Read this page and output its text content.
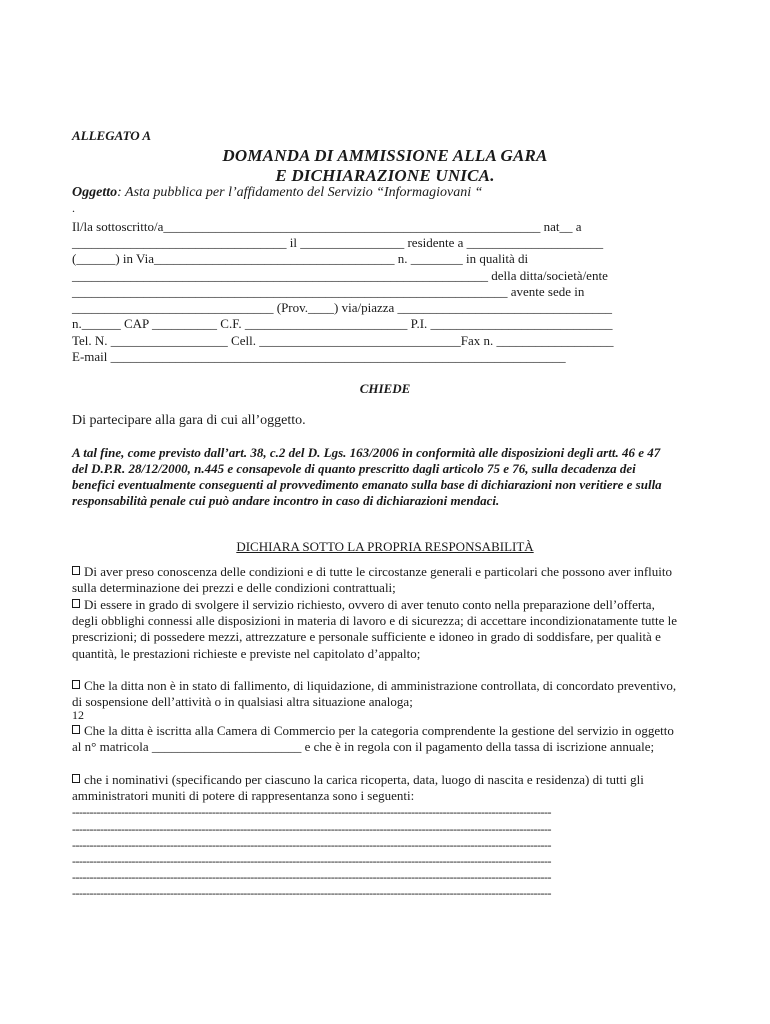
ALLEGATO A
DOMANDA DI AMMISSIONE ALLA GARA
E DICHIARAZIONE UNICA.
Oggetto: Asta pubblica per l’affidamento del Servizio “Informagiovani “
.
Il/la sottoscritto/a__________________________________________________________ nat__ a
_________________________________ il ________________ residente a _____________________
(______) in Via_____________________________________ n. ________ in qualità di
________________________________________________________________ della ditta/società/ente
___________________________________________________________________ avente sede in
_______________________________ (Prov.____) via/piazza _________________________________
n.______ CAP __________ C.F. _________________________ P.I. ____________________________
Tel. N. __________________ Cell. _______________________________Fax n. __________________
E-mail ______________________________________________________________________
CHIEDE
Di partecipare alla gara di cui all’oggetto.
A tal fine, come previsto dall’art. 38, c.2 del D. Lgs. 163/2006 in conformità alle disposizioni degli artt. 46 e 47 del D.P.R. 28/12/2000, n.445 e consapevole di quanto prescritto dagli articolo 75 e 76, sulla decadenza dei benefici eventualmente conseguenti al provvedimento emanato sulla base di dichiarazioni non veritiere e sulla responsabilità penale cui può andare incontro in caso di dichiarazioni mendaci.
DICHIARA SOTTO LA PROPRIA RESPONSABILITÀ
Di aver preso conoscenza delle condizioni e di tutte le circostanze generali e particolari che possono aver influito sulla determinazione dei prezzi e delle condizioni contrattuali;
Di essere in grado di svolgere il servizio richiesto, ovvero di aver tenuto conto nella preparazione dell’offerta, degli obblighi connessi alle disposizioni in materia di lavoro e di sicurezza; di accettare incondizionatamente tutte le prescrizioni; di possedere mezzi, attrezzature e personale sufficiente e idoneo in grado di soddisfare, per qualità e quantità, le prestazioni richieste e previste nel capitolato d’appalto;
Che la ditta non è in stato di fallimento, di liquidazione, di amministrazione controllata, di concordato preventivo, di sospensione dell’attività o in qualsiasi altra situazione analoga;
12
Che la ditta è iscritta alla Camera di Commercio per la categoria comprendente la gestione del servizio in oggetto al n° matricola _______________________ e che è in regola con il pagamento della tassa di iscrizione annuale;
che i nominativi (specificando per ciascuno la carica ricoperta, data, luogo di nascita e residenza) di tutti gli amministratori muniti di potere di rappresentanza sono i seguenti:
-----------------------------------------------------------------------------------------------------------------------------------------
-----------------------------------------------------------------------------------------------------------------------------------------
-----------------------------------------------------------------------------------------------------------------------------------------
-----------------------------------------------------------------------------------------------------------------------------------------
-----------------------------------------------------------------------------------------------------------------------------------------
-----------------------------------------------------------------------------------------------------------------------------------------
